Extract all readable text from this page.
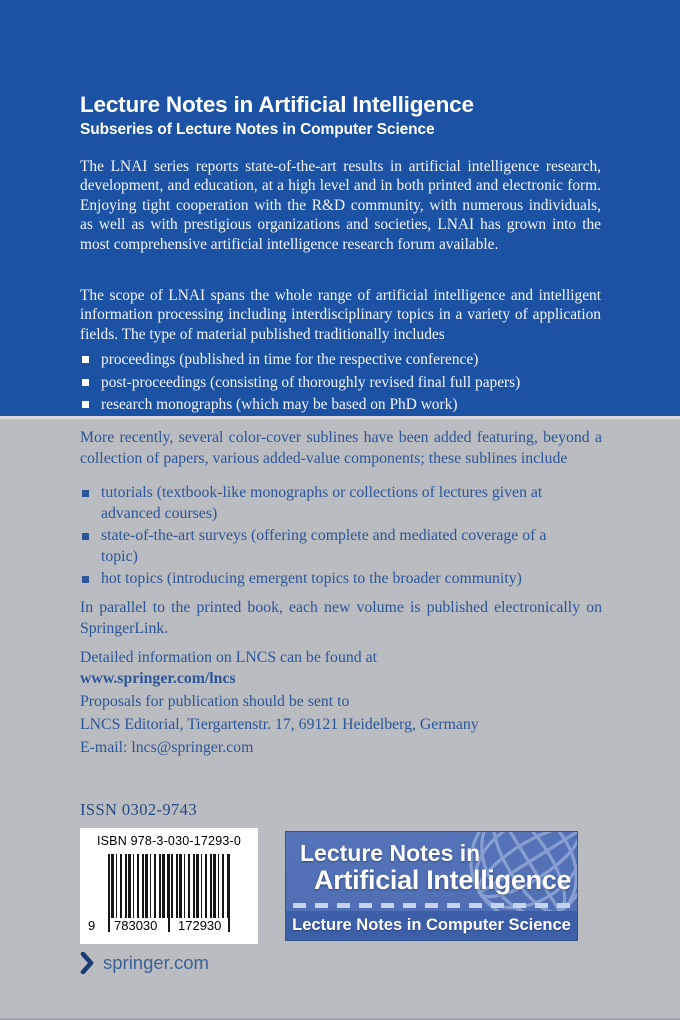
Lecture Notes in Artificial Intelligence
Subseries of Lecture Notes in Computer Science

The LNAI series reports state-of-the-art results in artificial intelligence research, development, and education, at a high level and in both printed and electronic form. Enjoying tight cooperation with the R&D community, with numerous individuals, as well as with prestigious organizations and societies, LNAI has grown into the most comprehensive artificial intelligence research forum available.

The scope of LNAI spans the whole range of artificial intelligence and intelligent information processing including interdisciplinary topics in a variety of application fields. The type of material published traditionally includes

proceedings (published in time for the respective conference)
post-proceedings (consisting of thoroughly revised final full papers)
research monographs (which may be based on PhD work)

More recently, several color-cover sublines have been added featuring, beyond a collection of papers, various added-value components; these sublines include

tutorials (textbook-like monographs or collections of lectures given at advanced courses)
state-of-the-art surveys (offering complete and mediated coverage of a topic)
hot topics (introducing emergent topics to the broader community)

In parallel to the printed book, each new volume is published electronically on SpringerLink.

Detailed information on LNCS can be found at
www.springer.com/lncs

Proposals for publication should be sent to

LNCS Editorial, Tiergartenstr. 17, 69121 Heidelberg, Germany

E-mail: lncs@springer.com

ISSN 0302-9743

ISBN 978-3-030-17293-0
9 783030 172930

Lecture Notes in

Artificial Intelligence

Lecture Notes in Computer Science
springer.com
